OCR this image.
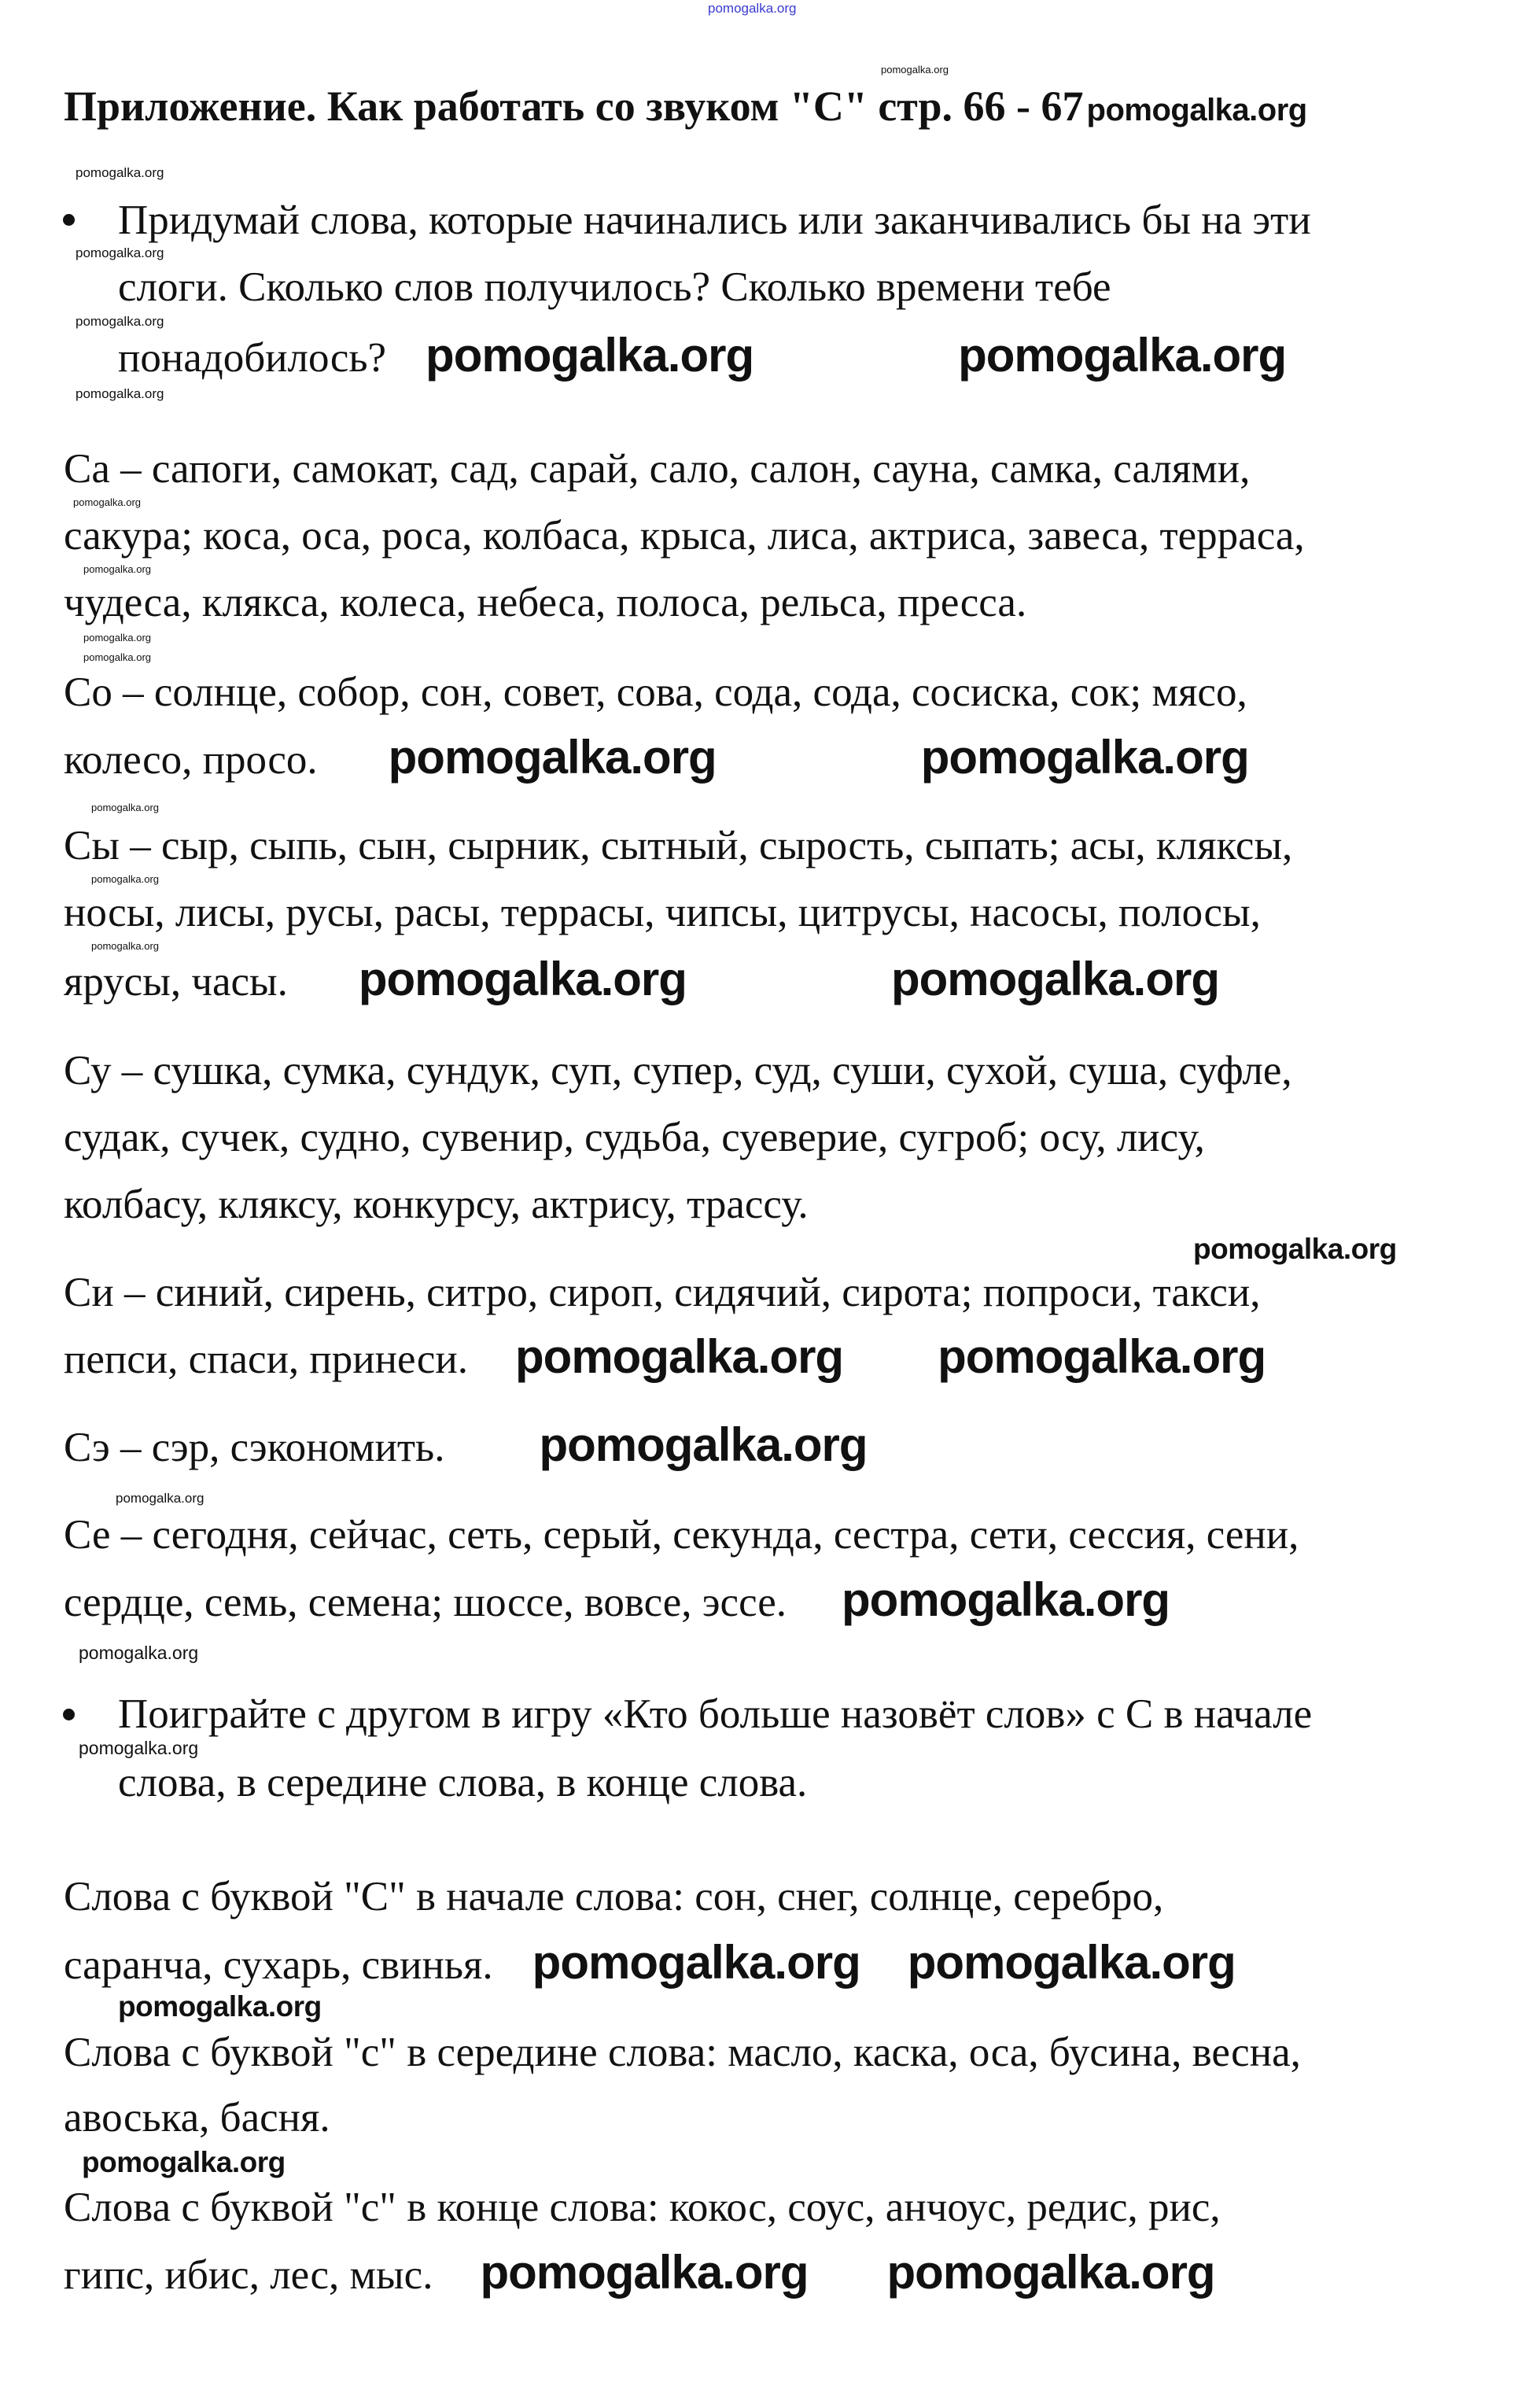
pomogalka.org
pomogalka.org
Приложение. Как работать со звуком "С" стр. 66 - 67 pomogalka.org
Придумай слова, которые начинались или заканчивались бы на эти
слоги. Сколько слов получилось? Сколько времени тебе
понадобилось? pomogalka.org	pomogalka.org
Са – сапоги, самокат, сад, сарай, сало, салон, сауна, самка, салями,
сакура; коса, оса, роса, колбаса, крыса, лиса, актриса, завеса, терраса,
чудеса, клякса, колеса, небеса, полоса, рельса, пресса.
Со – солнце, собор, сон, совет, сова, сода, сода, сосиска, сок; мясо,
колесо, просо. pomogalka.org	pomogalka.org
Сы – сыр, сыпь, сын, сырник, сытный, сырость, сыпать; асы, кляксы,
носы, лисы, русы, расы, террасы, чипсы, цитрусы, насосы, полосы,
ярусы, часы. pomogalka.org	pomogalka.org
Су – сушка, сумка, сундук, суп, супер, суд, суши, сухой, суша, суфле,
судак, сучек, судно, сувенир, судьба, суеверие, сугроб; осу, лису,
колбасу, кляксу, конкурсу, актрису, трассу.
Си – синий, сирень, ситро, сироп, сидячий, сирота; попроси, такси,
пепси, спаси, принеси. pomogalka.org pomogalka.org
Сэ – сэр, сэкономить. pomogalka.org
Се – сегодня, сейчас, сеть, серый, секунда, сестра, сети, сессия, сени,
сердце, семь, семена; шоссе, вовсе, эссе. pomogalka.org
Поиграйте с другом в игру «Кто больше назовёт слов» с С в начале
слова, в середине слова, в конце слова.
Слова с буквой "С" в начале слова: сон, снег, солнце, серебро,
саранча, сухарь, свинья. pomogalka.org pomogalka.org
Слова с буквой "с" в середине слова: масло, каска, оса, бусина, весна,
авоська, басня.
Слова с буквой "с" в конце слова: кокос, соус, анчоус, редис, рис,
гипс, ибис, лес, мыс. pomogalka.org pomogalka.org
pomogalka.org
pomogalka.org
pomogalka.org
pomogalka.org
pomogalka.org
pomogalka.org
pomogalka.org
pomogalka.org
pomogalka.org
pomogalka.org
pomogalka.org
pomogalka.org
pomogalka.org
pomogalka.org
pomogalka.org
pomogalka.org
pomogalka.org
